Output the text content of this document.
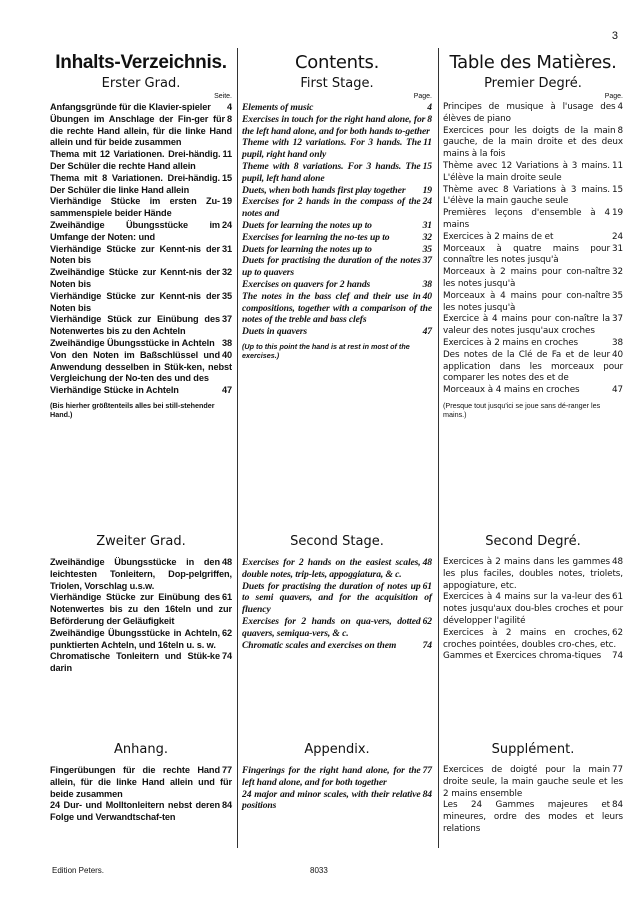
3
Inhalts-Verzeichnis.
Erster Grad.
Seite.

4
Anfangsgründe für die Klavier-spieler

8
Übungen im Anschlage der Fin-ger für die rechte Hand allein, für die linke Hand allein und für beide zusammen

11
Thema mit 12 Variationen. Drei-händig. Der Schüler die rechte Hand allein

15
Thema mit 8 Variationen. Drei-händig. Der Schüler die linke Hand allein

19
Vierhändige Stücke im ersten Zu-sammenspiele beider Hände

24
Zweihändige Übungsstücke im Umfange der Noten: und

31
Vierhändige Stücke zur Kennt-nis der Noten bis

32
Zweihändige Stücke zur Kennt-nis der Noten bis

35
Vierhändige Stücke zur Kennt-nis der Noten bis

37
Vierhändige Stück zur Einübung des Notenwertes bis zu den Achteln

38
Zweihändige Übungsstücke in Achteln

40
Von den Noten im Baßschlüssel und Anwendung desselben in Stük-ken, nebst Vergleichung der No-ten des und des

47
Vierhändige Stücke in Achteln

(Bis hierher größtenteils alles bei still-stehender Hand.)
Zweiter Grad.

48
Zweihändige Übungsstücke in den leichtesten Tonleitern, Dop-pelgriffen, Triolen, Vorschlag u.s.w.

61
Vierhändige Stücke zur Einübung des Notenwertes bis zu den 16teln und zur Beförderung der Geläufigkeit

62
Zweihändige Übungsstücke in Achteln, punktierten Achteln, und 16teln u. s. w.

74
Chromatische Tonleitern und Stük-ke darin

Anhang.

77
Fingerübungen für die rechte Hand allein, für die linke Hand allein und für beide zusammen

84
24 Dur- und Molltonleitern nebst deren Folge und Verwandtschaf-ten

Contents.
First Stage.
Page.

4
Elements of music

8
Exercises in touch for the right hand alone, for the left hand alone, and for both hands to-gether

11
Theme with 12 variations. For 3 hands. The pupil, right hand only

15
Theme with 8 variations. For 3 hands. The pupil, left hand alone

19
Duets, when both hands first play together

24
Exercises for 2 hands in the compass of the notes and

31
Duets for learning the notes up to

32
Exercises for learning the no-tes up to

35
Duets for learning the notes up to

37
Duets for practising the duration of the notes up to quavers

38
Exercises on quavers for 2 hands

40
The notes in the bass clef and their use in compositions, together with a comparison of the notes of the treble and bass clefs

47
Duets in quavers

(Up to this point the hand is at rest in most of the exercises.)
Second Stage.

48
Exercises for 2 hands on the easiest scales, double notes, trip-lets, appoggiatura, & c.

61
Duets for practising the duration of notes up to semi quavers, and for the acquisition of fluency

62
Exercises for 2 hands on qua-vers, dotted quavers, semiqua-vers, & c.

74
Chromatic scales and exercises on them

Appendix.

77
Fingerings for the right hand alone, for the left hand alone, and for both together

84
24 major and minor scales, with their relative positions

Table des Matières.
Premier Degré.
Page.

4
Principes de musique à l'usage des élèves de piano

8
Exercices pour les doigts de la main gauche, de la main droite et des deux mains à la fois

11
Thème avec 12 Variations à 3 mains. L'élève la main droite seule

15
Thème avec 8 Variations à 3 mains. L'élève la main gauche seule

19
Premières leçons d'ensemble à 4 mains

24
Exercices à 2 mains de et

31
Morceaux à quatre mains pour connaître les notes jusqu'à

32
Morceaux à 2 mains pour con-naître les notes jusqu'à

35
Morceaux à 4 mains pour con-naître les notes jusqu'à

37
Exercice à 4 mains pour con-naître la valeur des notes jusqu'aux croches

38
Exercices à 2 mains en croches

40
Des notes de la Clé de Fa et de leur application dans les morceaux pour comparer les notes des et de

47
Morceaux à 4 mains en croches

(Presque tout jusqu'ici se joue sans dé-ranger les mains.)
Second Degré.

48
Exercices à 2 mains dans les gammes les plus faciles, doubles notes, triolets, appogiature, etc.

61
Exercices à 4 mains sur la va-leur des notes jusqu'aux dou-bles croches et pour développer l'agilité

62
Exercices à 2 mains en croches, croches pointées, doubles cro-ches, etc.

74
Gammes et Exercices chroma-tiques

Supplément.

77
Exercices de doigté pour la main droite seule, la main gauche seule et les 2 mains ensemble

84
Les 24 Gammes majeures et mineures, ordre des modes et leurs relations

Edition Peters.	8033
